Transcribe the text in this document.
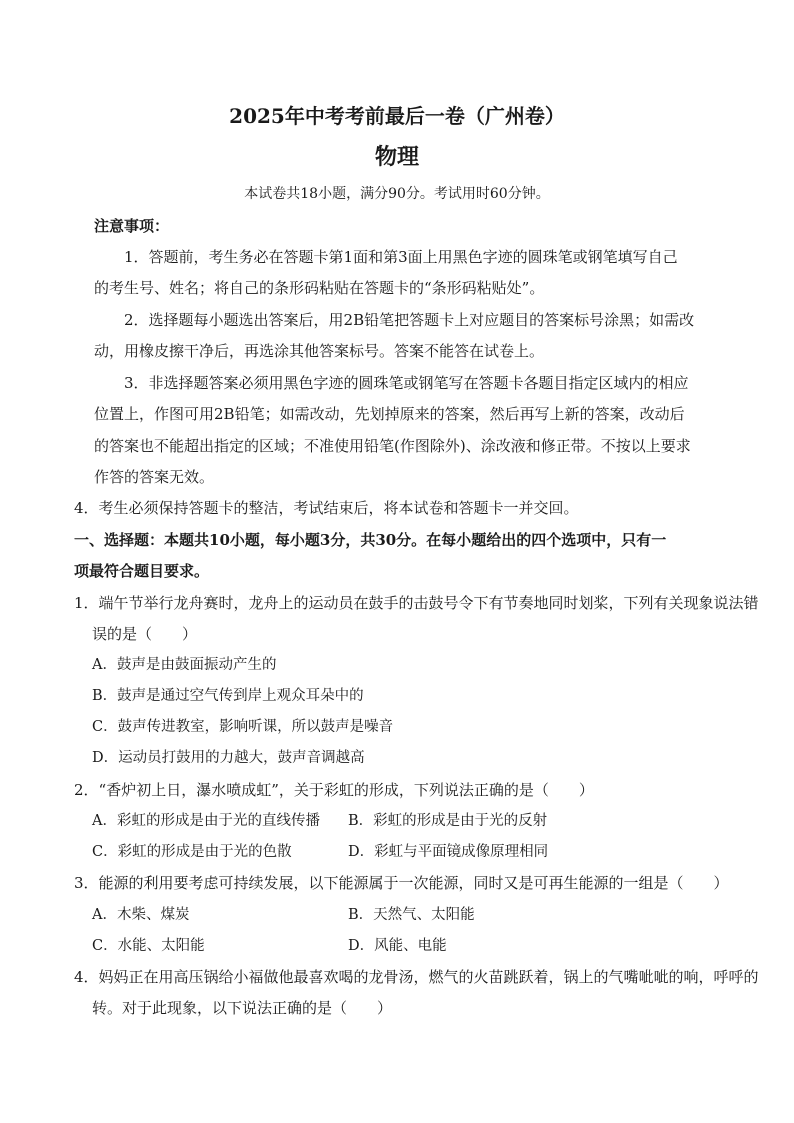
2025年中考考前最后一卷（广州卷）
物理
本试卷共18小题，满分90分。考试用时60分钟。
注意事项：
1．答题前，考生务必在答题卡第1面和第3面上用黑色字迹的圆珠笔或钢笔填写自己
的考生号、姓名；将自己的条形码粘贴在答题卡的“条形码粘贴处”。
2．选择题每小题选出答案后，用2B铅笔把答题卡上对应题目的答案标号涂黑；如需改
动，用橡皮擦干净后，再选涂其他答案标号。答案不能答在试卷上。
3．非选择题答案必须用黑色字迹的圆珠笔或钢笔写在答题卡各题目指定区域内的相应
位置上，作图可用2B铅笔；如需改动，先划掉原来的答案，然后再写上新的答案，改动后
的答案也不能超出指定的区域；不准使用铅笔(作图除外)、涂改液和修正带。不按以上要求
作答的答案无效。
4．考生必须保持答题卡的整洁，考试结束后，将本试卷和答题卡一并交回。
一、选择题：本题共10小题，每小题3分，共30分。在每小题给出的四个选项中，只有一
项最符合题目要求。
1．端午节举行龙舟赛时，龙舟上的运动员在鼓手的击鼓号令下有节奏地同时划桨，下列有关现象说法错
误的是（　　）
A．鼓声是由鼓面振动产生的
B．鼓声是通过空气传到岸上观众耳朵中的
C．鼓声传进教室，影响听课，所以鼓声是噪音
D．运动员打鼓用的力越大，鼓声音调越高
2．“香炉初上日，瀑水喷成虹”，关于彩虹的形成，下列说法正确的是（　　）
A．彩虹的形成是由于光的直线传播 B．彩虹的形成是由于光的反射
C．彩虹的形成是由于光的色散	D．彩虹与平面镜成像原理相同
3．能源的利用要考虑可持续发展，以下能源属于一次能源，同时又是可再生能源的一组是（　　）
A．木柴、煤炭	B．天然气、太阳能
C．水能、太阳能	D．风能、电能
4．妈妈正在用高压锅给小福做他最喜欢喝的龙骨汤，燃气的火苗跳跃着，锅上的气嘴呲呲的响，呼呼的
转。对于此现象，以下说法正确的是（　　）
